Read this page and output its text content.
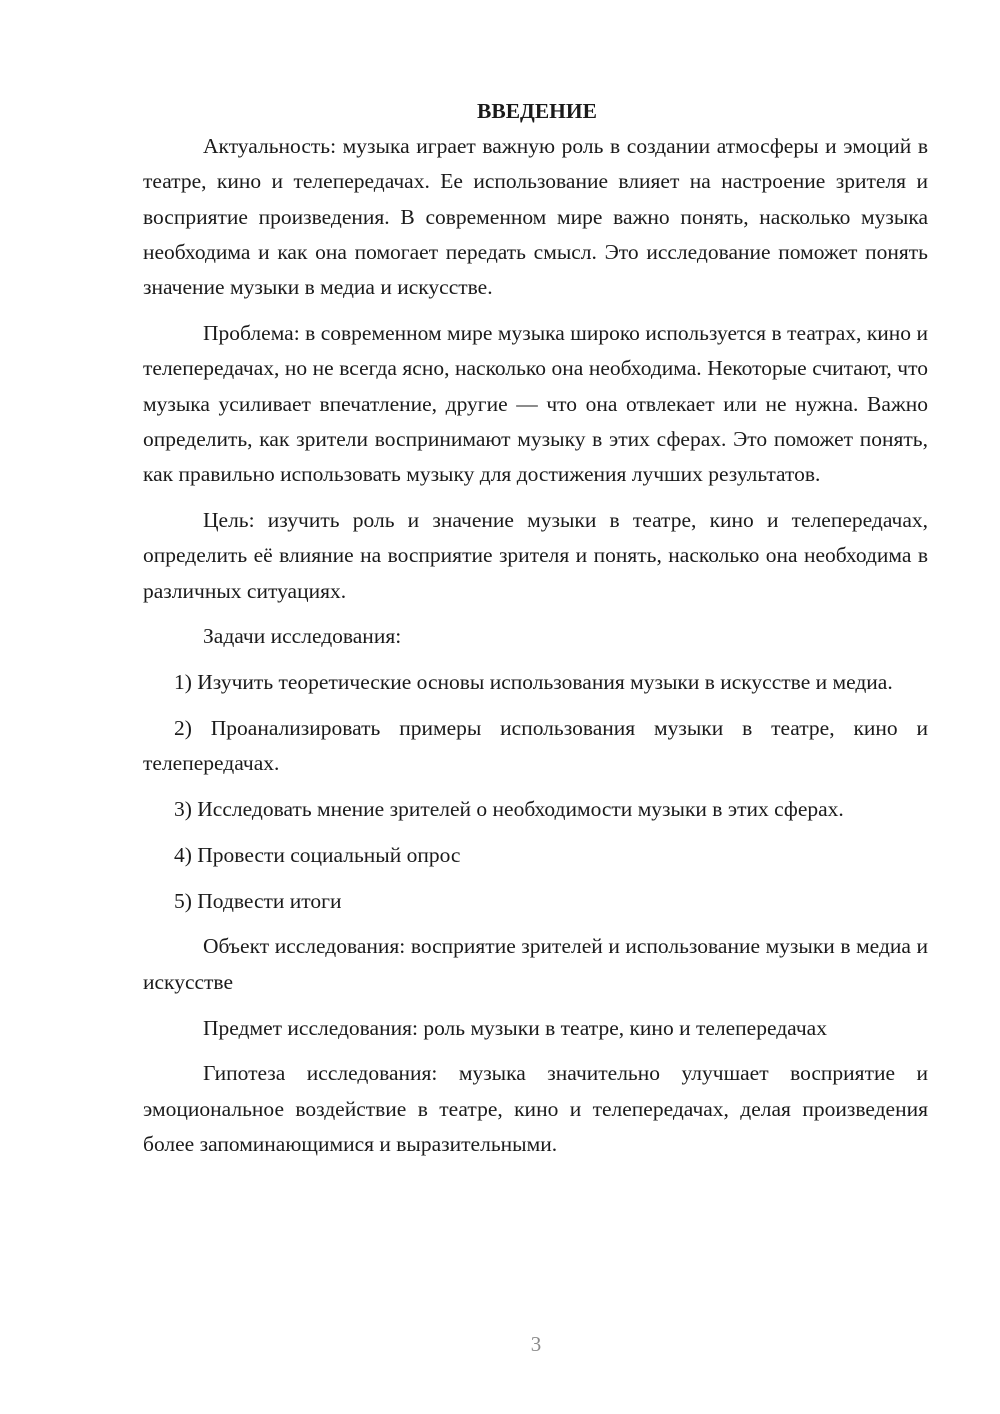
ВВЕДЕНИЕ

Актуальность: музыка играет важную роль в создании атмосферы и эмоций в театре, кино и телепередачах. Ее использование влияет на настроение зрителя и восприятие произведения. В современном мире важно понять, насколько музыка необходима и как она помогает передать смысл. Это исследование поможет понять значение музыки в медиа и искусстве.

Проблема: в современном мире музыка широко используется в театрах, кино и телепередачах, но не всегда ясно, насколько она необходима. Некоторые считают, что музыка усиливает впечатление, другие — что она отвлекает или не нужна. Важно определить, как зрители воспринимают музыку в этих сферах. Это поможет понять, как правильно использовать музыку для достижения лучших результатов.

Цель: изучить роль и значение музыки в театре, кино и телепередачах, определить её влияние на восприятие зрителя и понять, насколько она необходима в различных ситуациях.

Задачи исследования:

1) Изучить теоретические основы использования музыки в искусстве и медиа.

2) Проанализировать примеры использования музыки в театре, кино и телепередачах.

3) Исследовать мнение зрителей о необходимости музыки в этих сферах.

4) Провести социальный опрос

5) Подвести итоги

Объект исследования: восприятие зрителей и использование музыки в медиа и искусстве

Предмет исследования: роль музыки в театре, кино и телепередачах

Гипотеза исследования: музыка значительно улучшает восприятие и эмоциональное воздействие в театре, кино и телепередачах, делая произведения более запоминающимися и выразительными.

3
